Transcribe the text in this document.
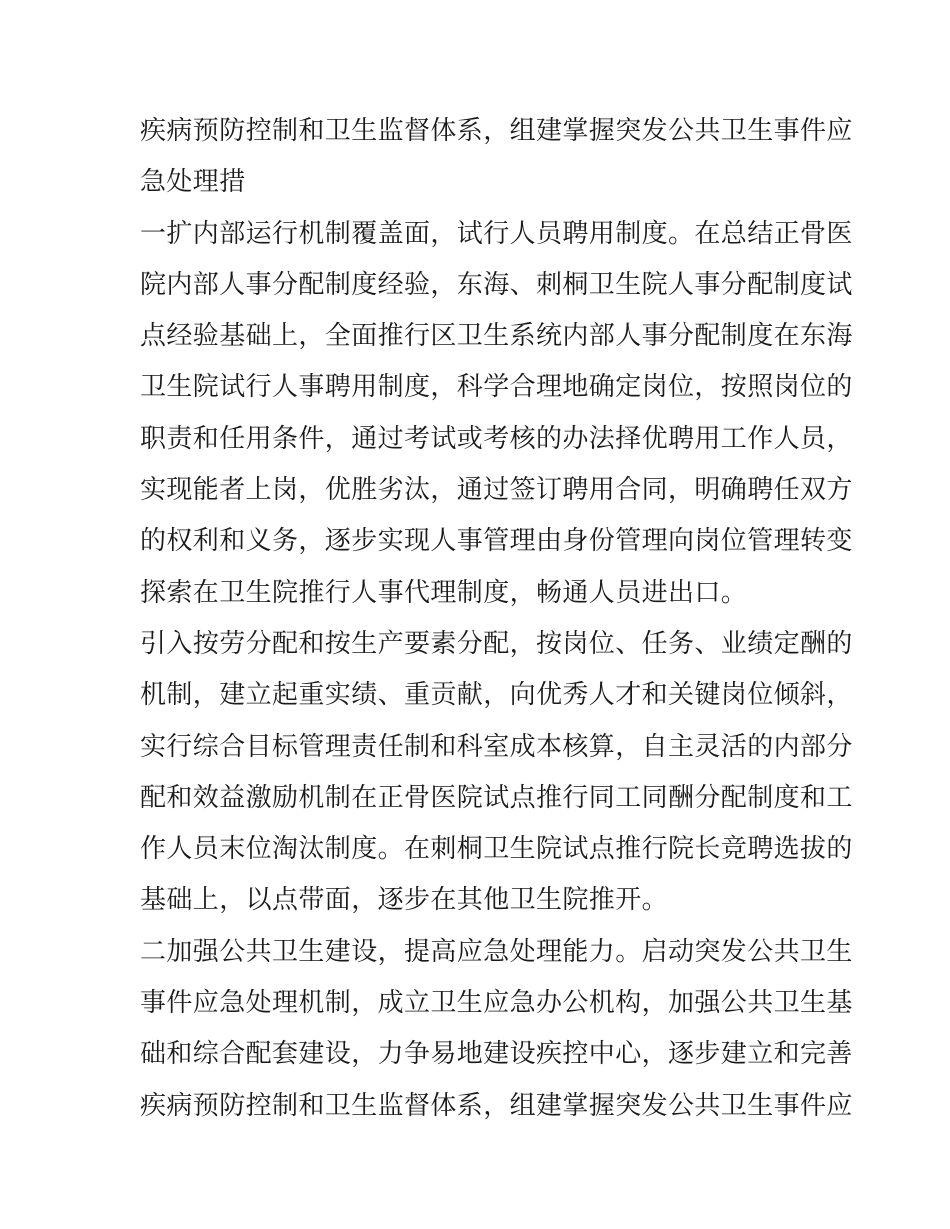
疾病预防控制和卫生监督体系，组建掌握突发公共卫生事件应
急处理措
一扩内部运行机制覆盖面，试行人员聘用制度。在总结正骨医
院内部人事分配制度经验，东海、刺桐卫生院人事分配制度试
点经验基础上，全面推行区卫生系统内部人事分配制度在东海
卫生院试行人事聘用制度，科学合理地确定岗位，按照岗位的
职责和任用条件，通过考试或考核的办法择优聘用工作人员，
实现能者上岗，优胜劣汰，通过签订聘用合同，明确聘任双方
的权利和义务，逐步实现人事管理由身份管理向岗位管理转变
探索在卫生院推行人事代理制度，畅通人员进出口。
引入按劳分配和按生产要素分配，按岗位、任务、业绩定酬的
机制，建立起重实绩、重贡献，向优秀人才和关键岗位倾斜，
实行综合目标管理责任制和科室成本核算，自主灵活的内部分
配和效益激励机制在正骨医院试点推行同工同酬分配制度和工
作人员末位淘汰制度。在刺桐卫生院试点推行院长竞聘选拔的
基础上，以点带面，逐步在其他卫生院推开。
二加强公共卫生建设，提高应急处理能力。启动突发公共卫生
事件应急处理机制，成立卫生应急办公机构，加强公共卫生基
础和综合配套建设，力争易地建设疾控中心，逐步建立和完善
疾病预防控制和卫生监督体系，组建掌握突发公共卫生事件应
